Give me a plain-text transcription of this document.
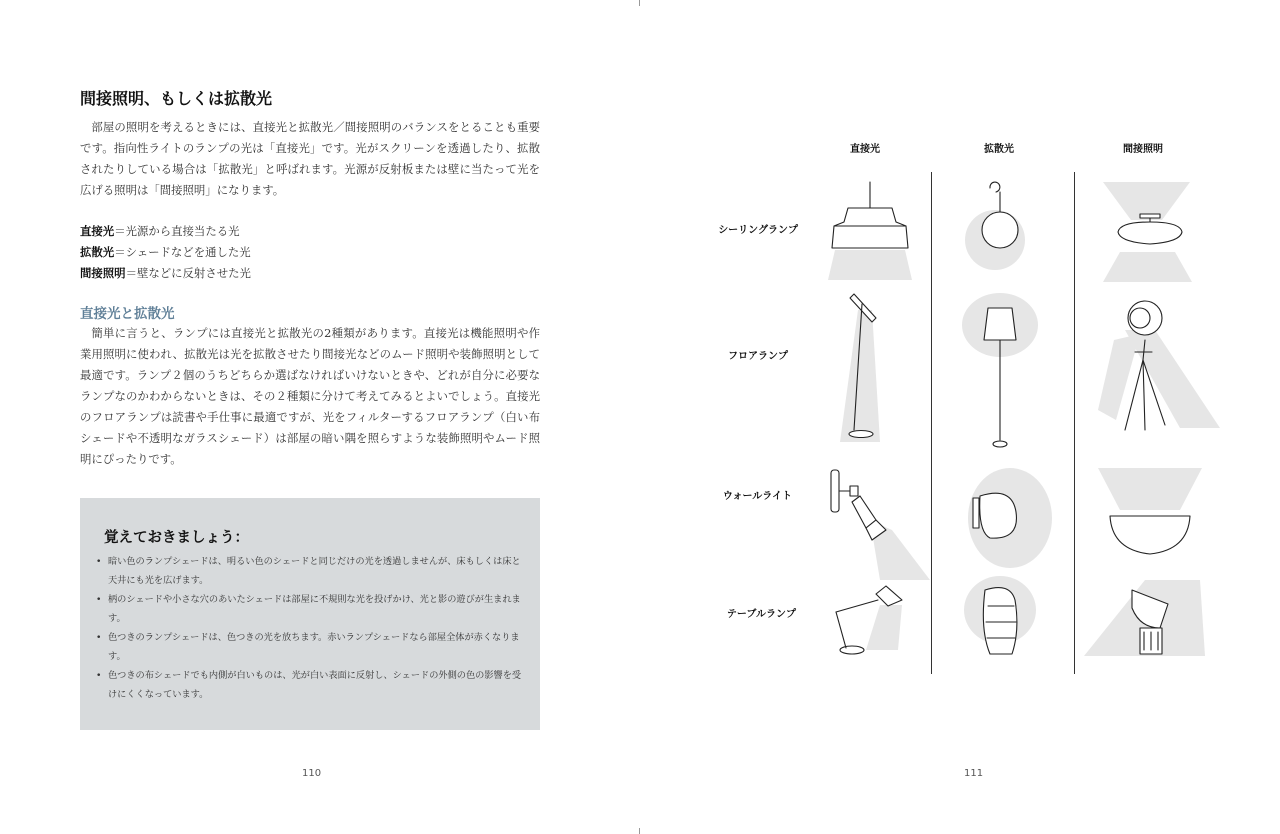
間接照明、もしくは拡散光

部屋の照明を考えるときには、直接光と拡散光／間接照明のバランスをとることも重要です。指向性ライトのランプの光は「直接光」です。光がスクリーンを透過したり、拡散されたりしている場合は「拡散光」と呼ばれます。光源が反射板または壁に当たって光を広げる照明は「間接照明」になります。

直接光＝光源から直接当たる光
拡散光＝シェードなどを通した光
間接照明＝壁などに反射させた光
直接光と拡散光

簡単に言うと、ランプには直接光と拡散光の2種類があります。直接光は機能照明や作業用照明に使われ、拡散光は光を拡散させたり間接光などのムード照明や装飾照明として最適です。ランプ２個のうちどちらか選ばなければいけないときや、どれが自分に必要なランプなのかわからないときは、その２種類に分けて考えてみるとよいでしょう。直接光のフロアランプは読書や手仕事に最適ですが、光をフィルターするフロアランプ（白い布シェードや不透明なガラスシェード）は部屋の暗い隅を照らすような装飾照明やムード照明にぴったりです。

覚えておきましょう：
• 暗い色のランプシェードは、明るい色のシェードと同じだけの光を透過しませんが、床もしくは床と天井にも光を広げます。
• 柄のシェードや小さな穴のあいたシェードは部屋に不規則な光を投げかけ、光と影の遊びが生まれます。
• 色つきのランプシェードは、色つきの光を放ちます。赤いランプシェードなら部屋全体が赤くなります。
• 色つきの布シェードでも内側が白いものは、光が白い表面に反射し、シェードの外側の色の影響を受けにくくなっています。
110
直接光	拡散光	間接照明
シーリングランプ
フロアランプ
ウォールライト
テーブルランプ
111
